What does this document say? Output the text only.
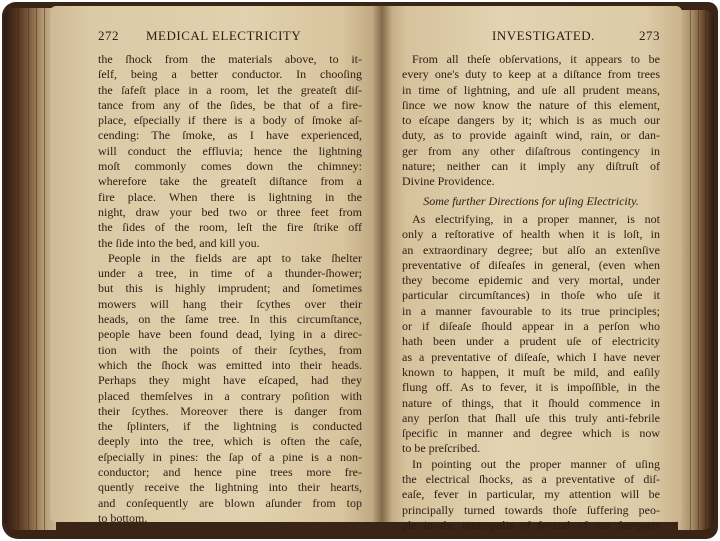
272 MEDICAL ELECTRICITY
the ſhock from the materials above, to it-
ſelf, being a better conductor. In chooſing
the ſafeſt place in a room, let the greateſt diſ-
tance from any of the ſides, be that of a fire-
place, eſpecially if there is a body of ſmoke aſ-
cending: The ſmoke, as I have experienced,
will conduct the effluvia; hence the lightning
moſt commonly comes down the chimney:
wherefore take the greateſt diſtance from a
fire place. When there is lightning in the
night, draw your bed two or three feet from
the ſides of the room, leſt the fire ſtrike off
the ſide into the bed, and kill you.
People in the fields are apt to take ſhelter
under a tree, in time of a thunder-ſhower;
but this is highly imprudent; and ſometimes
mowers will hang their ſcythes over their
heads, on the ſame tree. In this circumſtance,
people have been found dead, lying in a direc-
tion with the points of their ſcythes, from
which the ſhock was emitted into their heads.
Perhaps they might have eſcaped, had they
placed themſelves in a contrary poſition with
their ſcythes. Moreover there is danger from
the ſplinters, if the lightning is conducted
deeply into the tree, which is often the caſe,
eſpecially in pines: the ſap of a pine is a non-
conductor; and hence pine trees more fre-
quently receive the lightning into their hearts,
and conſequently are blown aſunder from top
to bottom.
INVESTIGATED.	273
From all theſe obſervations, it appears to be
every one's duty to keep at a diſtance from trees
in time of lightning, and uſe all prudent means,
ſince we now know the nature of this element,
to eſcape dangers by it; which is as much our
duty, as to provide againſt wind, rain, or dan-
ger from any other diſaſtrous contingency in
nature; neither can it imply any diſtruſt of
Divine Providence.
Some further Directions for uſing Electricity.
As electrifying, in a proper manner, is not
only a reſtorative of health when it is loſt, in
an extraordinary degree; but alſo an extenſive
preventative of diſeaſes in general, (even when
they become epidemic and very mortal, under
particular circumſtances) in thoſe who uſe it
in a manner favourable to its true principles;
or if diſeaſe ſhould appear in a perſon who
hath been under a prudent uſe of electricity
as a preventative of diſeaſe, which I have never
known to happen, it muſt be mild, and eaſily
flung off. As to fever, it is impoſſible, in the
nature of things, that it ſhould commence in
any perſon that ſhall uſe this truly anti-febrile
ſpecific in manner and degree which is now
to be preſcribed.
In pointing out the proper manner of uſing
the electrical ſhocks, as a preventative of diſ-
eaſe, fever in particular, my attention will be
principally turned towards thoſe ſuffering peo-
ple in the metropolis of ſeveral of our ſea-ports
